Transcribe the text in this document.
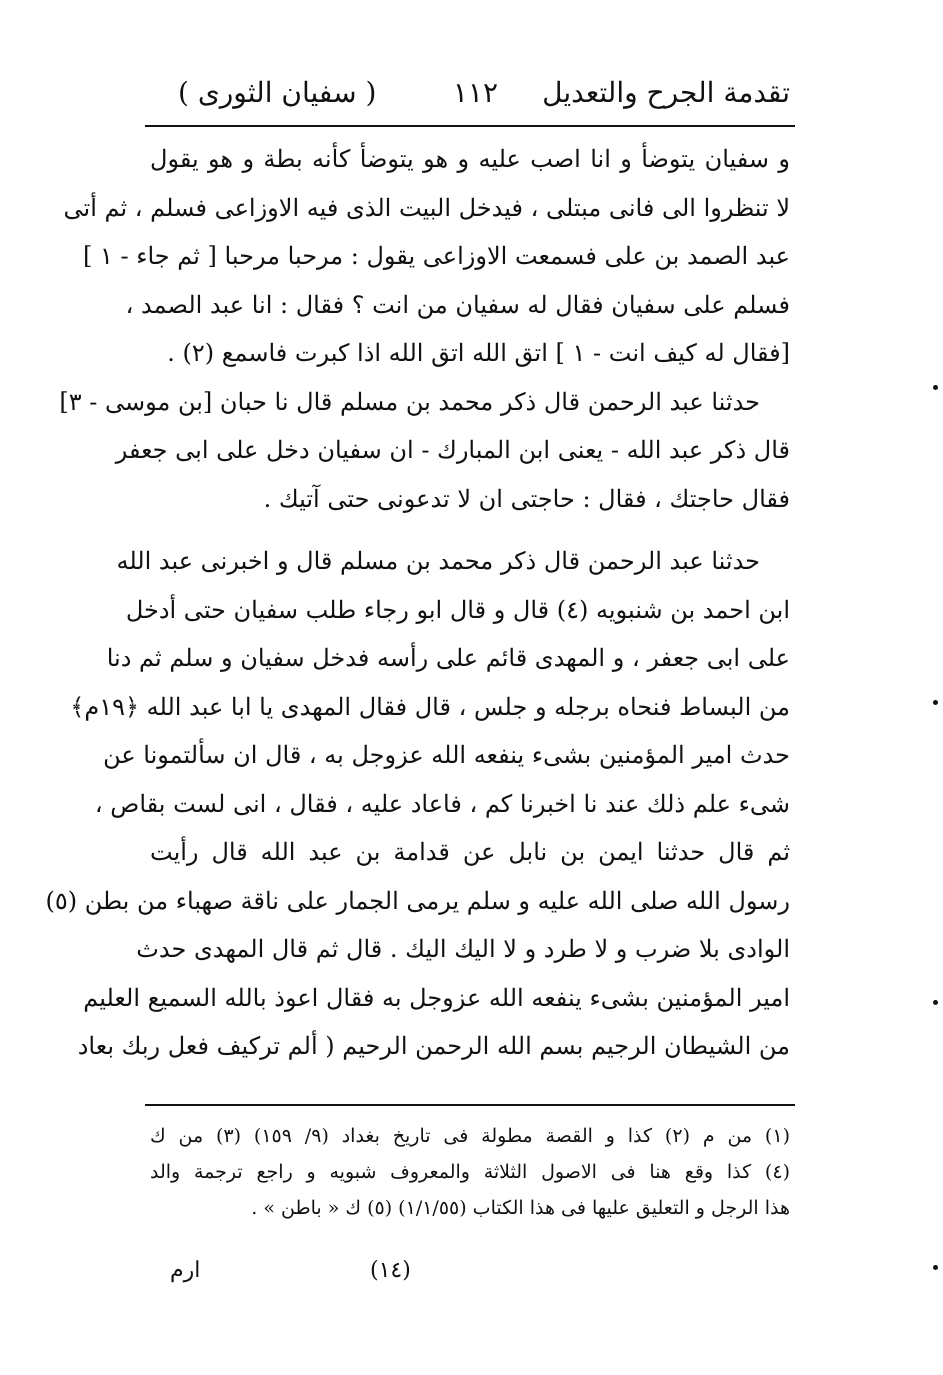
تقدمة الجرح والتعديل
١١٢
( سفيان الثورى )
و سفيان يتوضأ و انا اصب عليه و هو يتوضأ كأنه بطة و هو يقول
لا تنظروا الى فانى مبتلى ، فيدخل البيت الذى فيه الاوزاعى فسلم ، ثم أتى
عبد الصمد بن على فسمعت الاوزاعى يقول : مرحبا مرحبا [ ثم جاء - ١ ]
فسلم على سفيان فقال له سفيان من انت ؟ فقال : انا عبد الصمد ،
[فقال له كيف انت - ١ ] اتق الله اتق الله اذا كبرت فاسمع (٢) .
حدثنا عبد الرحمن قال ذكر محمد بن مسلم قال نا حبان [بن موسى - ٣]
قال ذكر عبد الله - يعنى ابن المبارك - ان سفيان دخل على ابى جعفر
فقال حاجتك ، فقال : حاجتى ان لا تدعونى حتى آتيك .
حدثنا عبد الرحمن قال ذكر محمد بن مسلم قال و اخبرنى عبد الله
ابن احمد بن شنبويه (٤) قال و قال ابو رجاء طلب سفيان حتى أدخل
على ابى جعفر ، و المهدى قائم على رأسه فدخل سفيان و سلم ثم دنا
من البساط فنحاه برجله و جلس ، قال فقال المهدى يا ابا عبد الله ﴿١٩م﴾
حدث امير المؤمنين بشىء ينفعه الله عزوجل به ، قال ان سألتمونا عن
شىء علم ذلك عند نا اخبرنا كم ، فاعاد عليه ، فقال ، انى لست بقاص ،
ثم قال حدثنا ايمن بن نابل عن قدامة بن عبد الله قال رأيت
رسول الله صلى الله عليه و سلم يرمى الجمار على ناقة صهباء من بطن (٥)
الوادى بلا ضرب و لا طرد و لا اليك اليك . قال ثم قال المهدى حدث
امير المؤمنين بشىء ينفعه الله عزوجل به فقال اعوذ بالله السميع العليم
من الشيطان الرجيم بسم الله الرحمن الرحيم ( ألم تركيف فعل ربك بعاد
(١) من م (٢) كذا و القصة مطولة فى تاريخ بغداد (٩/ ١٥٩) (٣) من ك
(٤) كذا وقع هنا فى الاصول الثلاثة والمعروف شبويه و راجع ترجمة والد
هذا الرجل و التعليق عليها فى هذا الكتاب (١/١/٥٥) (٥) ك « باطن » .
(١٤)
ارم
